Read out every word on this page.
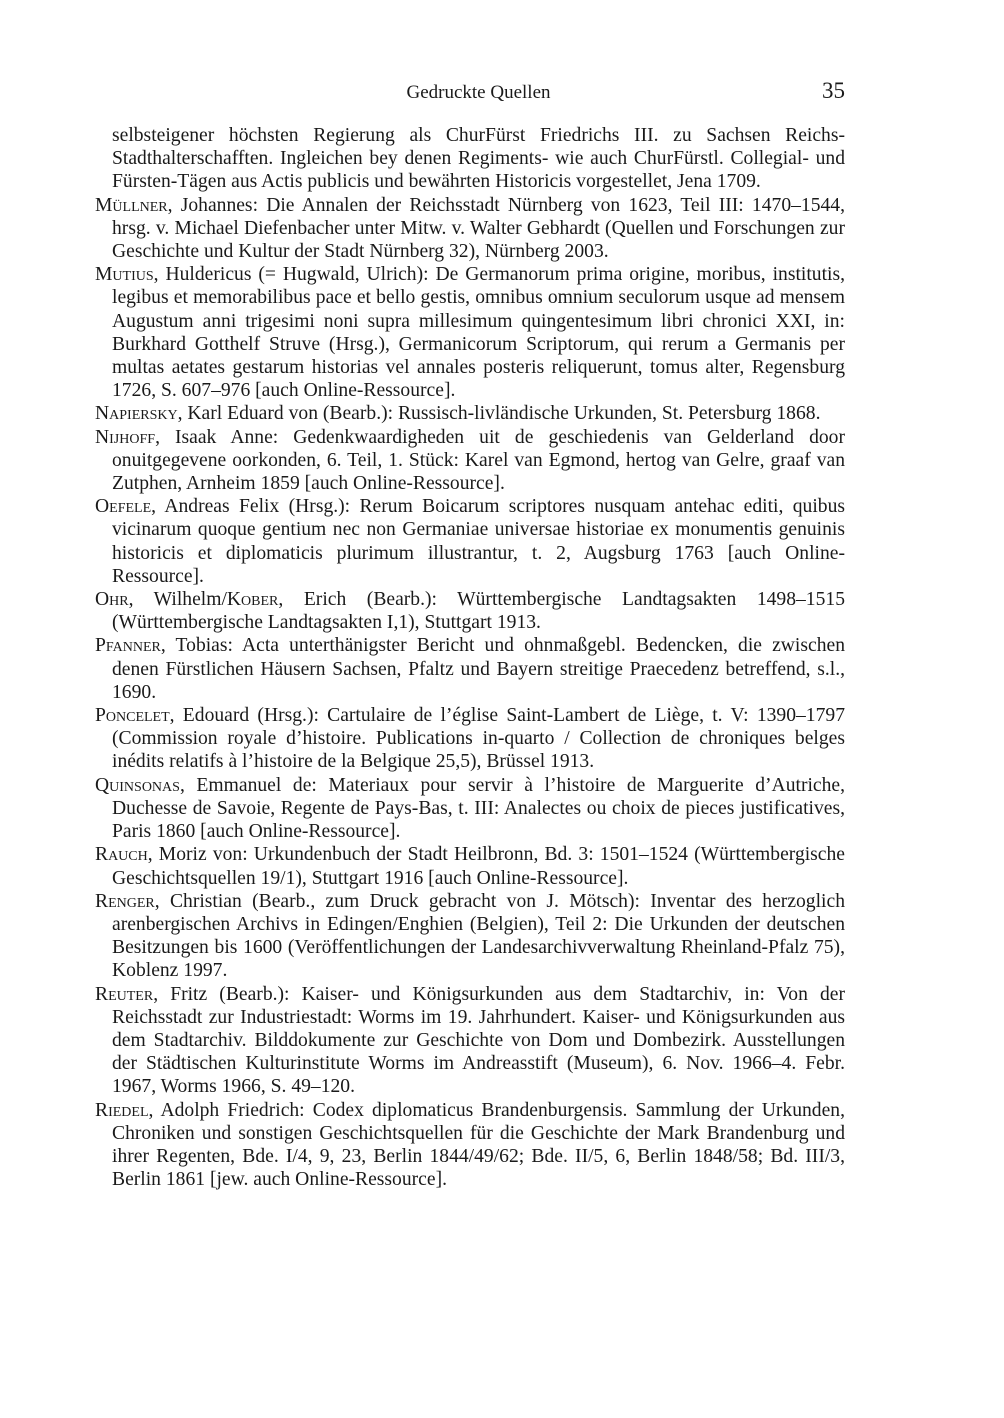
Gedruckte Quellen	35

selbsteigener höchsten Regierung als ChurFürst Friedrichs III. zu Sachsen Reichs-Stadthalterschafften. Ingleichen bey denen Regiments- wie auch ChurFürstl. Collegial- und Fürsten-Tägen aus Actis publicis und bewährten Historicis vorgestellet, Jena 1709.

Müllner, Johannes: Die Annalen der Reichsstadt Nürnberg von 1623, Teil III: 1470–1544, hrsg. v. Michael Diefenbacher unter Mitw. v. Walter Gebhardt (Quellen und Forschungen zur Geschichte und Kultur der Stadt Nürnberg 32), Nürnberg 2003.

Mutius, Huldericus (= Hugwald, Ulrich): De Germanorum prima origine, moribus, institutis, legibus et memorabilibus pace et bello gestis, omnibus omnium seculorum usque ad mensem Augustum anni trigesimi noni supra millesimum quingentesimum libri chronici XXI, in: Burkhard Gotthelf Struve (Hrsg.), Germanicorum Scriptorum, qui rerum a Germanis per multas aetates gestarum historias vel annales posteris reliquerunt, tomus alter, Regensburg 1726, S. 607–976 [auch Online-Ressource].

Napiersky, Karl Eduard von (Bearb.): Russisch-livländische Urkunden, St. Petersburg 1868.

Nijhoff, Isaak Anne: Gedenkwaardigheden uit de geschiedenis van Gelderland door onuitgegevene oorkonden, 6. Teil, 1. Stück: Karel van Egmond, hertog van Gelre, graaf van Zutphen, Arnheim 1859 [auch Online-Ressource].

Oefele, Andreas Felix (Hrsg.): Rerum Boicarum scriptores nusquam antehac editi, quibus vicinarum quoque gentium nec non Germaniae universae historiae ex monumentis genuinis historicis et diplomaticis plurimum illustrantur, t. 2, Augsburg 1763 [auch Online-Ressource].

Ohr, Wilhelm/Kober, Erich (Bearb.): Württembergische Landtagsakten 1498–1515 (Württembergische Landtagsakten I,1), Stuttgart 1913.

Pfanner, Tobias: Acta unterthänigster Bericht und ohnmaßgebl. Bedencken, die zwischen denen Fürstlichen Häusern Sachsen, Pfaltz und Bayern streitige Praecedenz betreffend, s.l., 1690.

Poncelet, Edouard (Hrsg.): Cartulaire de l’église Saint-Lambert de Liège, t. V: 1390–1797 (Commission royale d’histoire. Publications in-quarto / Collection de chroniques belges inédits relatifs à l’histoire de la Belgique 25,5), Brüssel 1913.

Quinsonas, Emmanuel de: Materiaux pour servir à l’histoire de Marguerite d’Autriche, Duchesse de Savoie, Regente de Pays-Bas, t. III: Analectes ou choix de pieces justificatives, Paris 1860 [auch Online-Ressource].

Rauch, Moriz von: Urkundenbuch der Stadt Heilbronn, Bd. 3: 1501–1524 (Württembergische Geschichtsquellen 19/1), Stuttgart 1916 [auch Online-Ressource].

Renger, Christian (Bearb., zum Druck gebracht von J. Mötsch): Inventar des herzoglich arenbergischen Archivs in Edingen/Enghien (Belgien), Teil 2: Die Urkunden der deutschen Besitzungen bis 1600 (Veröffentlichungen der Landesarchivverwaltung Rheinland-Pfalz 75), Koblenz 1997.

Reuter, Fritz (Bearb.): Kaiser- und Königsurkunden aus dem Stadtarchiv, in: Von der Reichsstadt zur Industriestadt: Worms im 19. Jahrhundert. Kaiser- und Königsurkunden aus dem Stadtarchiv. Bilddokumente zur Geschichte von Dom und Dombezirk. Ausstellungen der Städtischen Kulturinstitute Worms im Andreasstift (Museum), 6. Nov. 1966–4. Febr. 1967, Worms 1966, S. 49–120.

Riedel, Adolph Friedrich: Codex diplomaticus Brandenburgensis. Sammlung der Urkunden, Chroniken und sonstigen Geschichtsquellen für die Geschichte der Mark Brandenburg und ihrer Regenten, Bde. I/4, 9, 23, Berlin 1844/49/62; Bde. II/5, 6, Berlin 1848/58; Bd. III/3, Berlin 1861 [jew. auch Online-Ressource].
